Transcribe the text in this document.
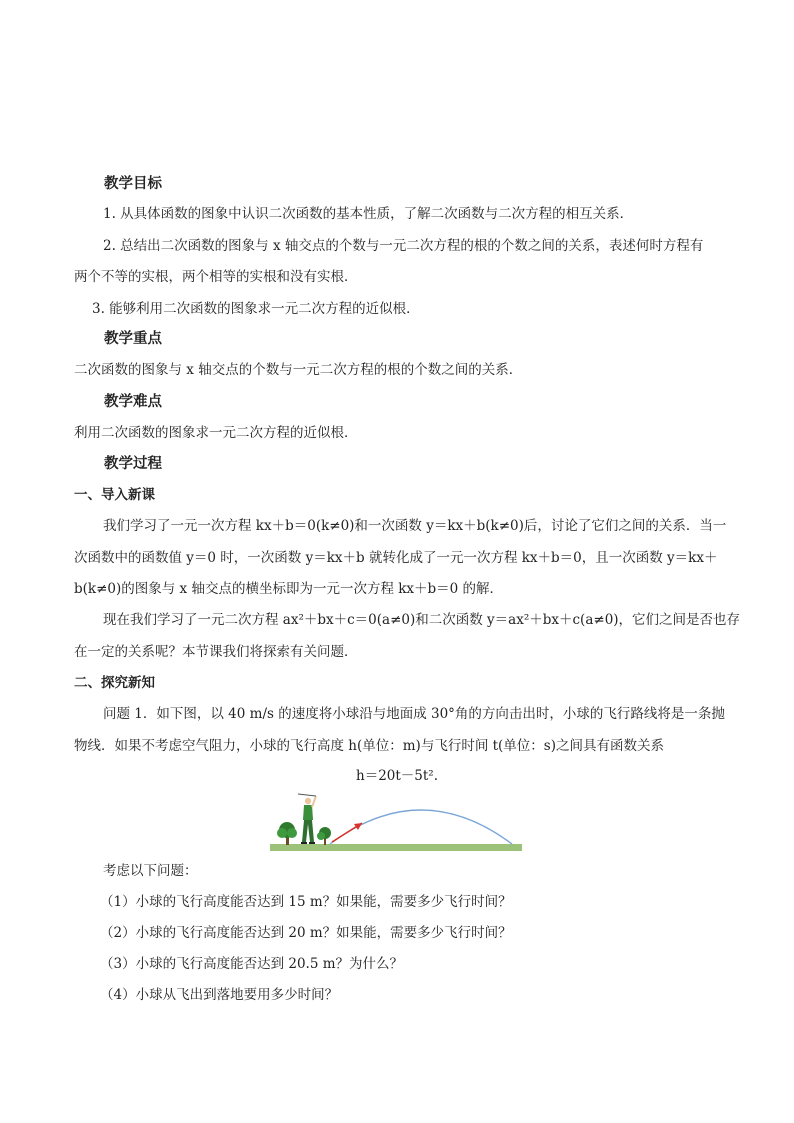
教学目标
1. 从具体函数的图象中认识二次函数的基本性质，了解二次函数与二次方程的相互关系．
2. 总结出二次函数的图象与 x 轴交点的个数与一元二次方程的根的个数之间的关系，表述何时方程有
两个不等的实根，两个相等的实根和没有实根．
3. 能够利用二次函数的图象求一元二次方程的近似根．
教学重点
二次函数的图象与 x 轴交点的个数与一元二次方程的根的个数之间的关系．
教学难点
利用二次函数的图象求一元二次方程的近似根．
教学过程
一、导入新课
我们学习了一元一次方程 kx＋b＝0(k≠0)和一次函数 y＝kx＋b(k≠0)后，讨论了它们之间的关系．当一
次函数中的函数值 y＝0 时，一次函数 y＝kx＋b 就转化成了一元一次方程 kx＋b＝0，且一次函数 y＝kx＋
b(k≠0)的图象与 x 轴交点的横坐标即为一元一次方程 kx＋b＝0 的解．
现在我们学习了一元二次方程 ax²＋bx＋c＝0(a≠0)和二次函数 y＝ax²＋bx＋c(a≠0)，它们之间是否也存
在一定的关系呢？本节课我们将探索有关问题．
二、探究新知
问题 1．如下图，以 40 m/s 的速度将小球沿与地面成 30°角的方向击出时，小球的飞行路线将是一条抛
物线．如果不考虑空气阻力，小球的飞行高度 h(单位：m)与飞行时间 t(单位：s)之间具有函数关系
h＝20t－5t².
考虑以下问题：
（1）小球的飞行高度能否达到 15 m？如果能，需要多少飞行时间？
（2）小球的飞行高度能否达到 20 m？如果能，需要多少飞行时间？
（3）小球的飞行高度能否达到 20.5 m？为什么？
（4）小球从飞出到落地要用多少时间？
